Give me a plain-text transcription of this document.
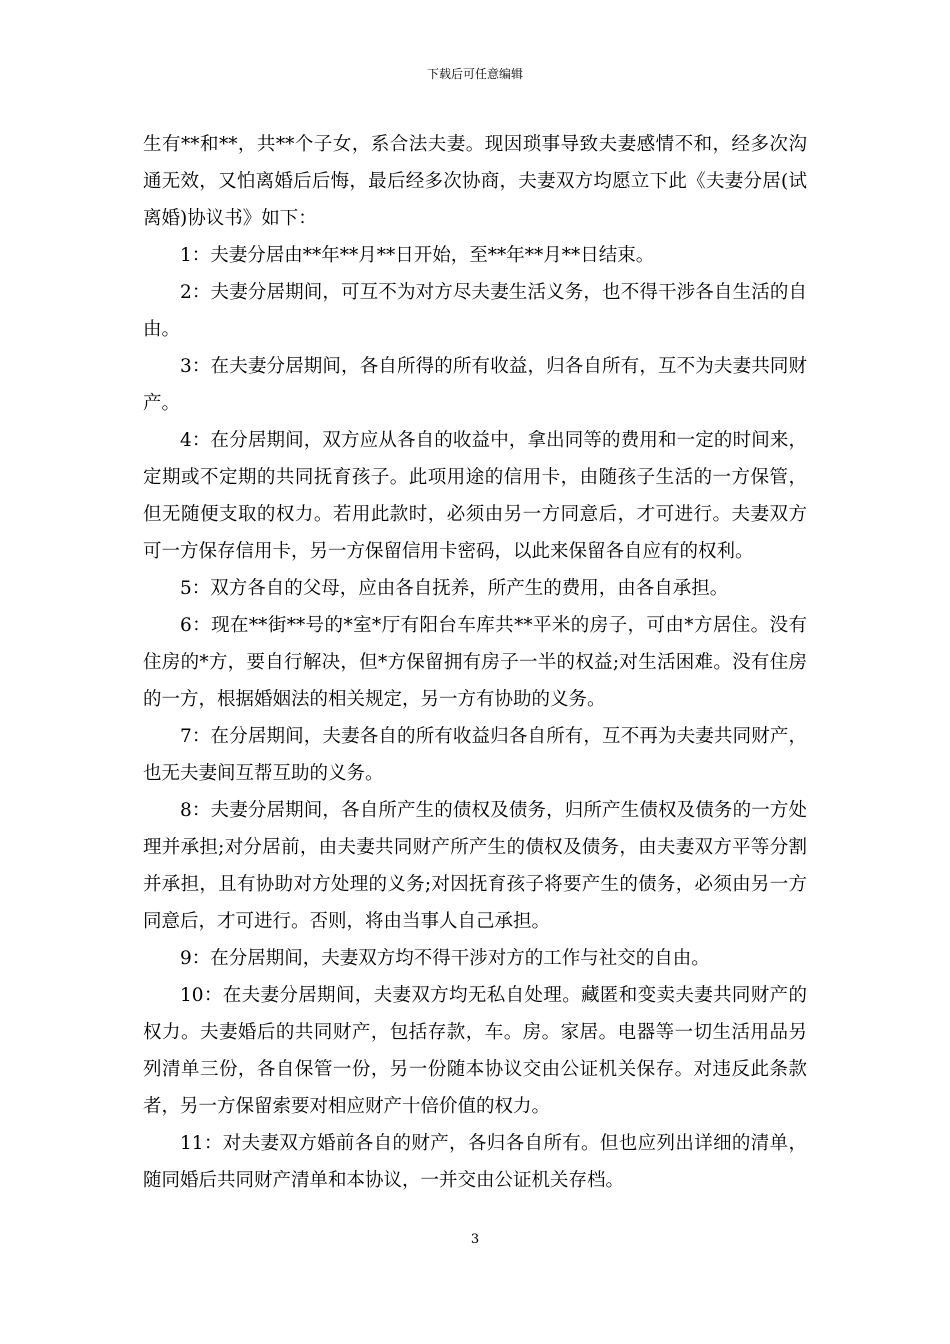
下载后可任意编辑

生有**和**，共**个子女，系合法夫妻。现因琐事导致夫妻感情不和，经多次沟通无效，又怕离婚后后悔，最后经多次协商，夫妻双方均愿立下此《夫妻分居(试离婚)协议书》如下：

1：夫妻分居由**年**月**日开始，至**年**月**日结束。

2：夫妻分居期间，可互不为对方尽夫妻生活义务，也不得干涉各自生活的自由。

3：在夫妻分居期间，各自所得的所有收益，归各自所有，互不为夫妻共同财产。

4：在分居期间，双方应从各自的收益中，拿出同等的费用和一定的时间来，定期或不定期的共同抚育孩子。此项用途的信用卡，由随孩子生活的一方保管，但无随便支取的权力。若用此款时，必须由另一方同意后，才可进行。夫妻双方可一方保存信用卡，另一方保留信用卡密码，以此来保留各自应有的权利。

5：双方各自的父母，应由各自抚养，所产生的费用，由各自承担。

6：现在**街**号的*室*厅有阳台车库共**平米的房子，可由*方居住。没有住房的*方，要自行解决，但*方保留拥有房子一半的权益;对生活困难。没有住房的一方，根据婚姻法的相关规定，另一方有协助的义务。

7：在分居期间，夫妻各自的所有收益归各自所有，互不再为夫妻共同财产，也无夫妻间互帮互助的义务。

8：夫妻分居期间，各自所产生的债权及债务，归所产生债权及债务的一方处理并承担;对分居前，由夫妻共同财产所产生的债权及债务，由夫妻双方平等分割并承担，且有协助对方处理的义务;对因抚育孩子将要产生的债务，必须由另一方同意后，才可进行。否则，将由当事人自己承担。

9：在分居期间，夫妻双方均不得干涉对方的工作与社交的自由。

10：在夫妻分居期间，夫妻双方均无私自处理。藏匿和变卖夫妻共同财产的权力。夫妻婚后的共同财产，包括存款，车。房。家居。电器等一切生活用品另列清单三份，各自保管一份，另一份随本协议交由公证机关保存。对违反此条款者，另一方保留索要对相应财产十倍价值的权力。

11：对夫妻双方婚前各自的财产，各归各自所有。但也应列出详细的清单，随同婚后共同财产清单和本协议，一并交由公证机关存档。

3
